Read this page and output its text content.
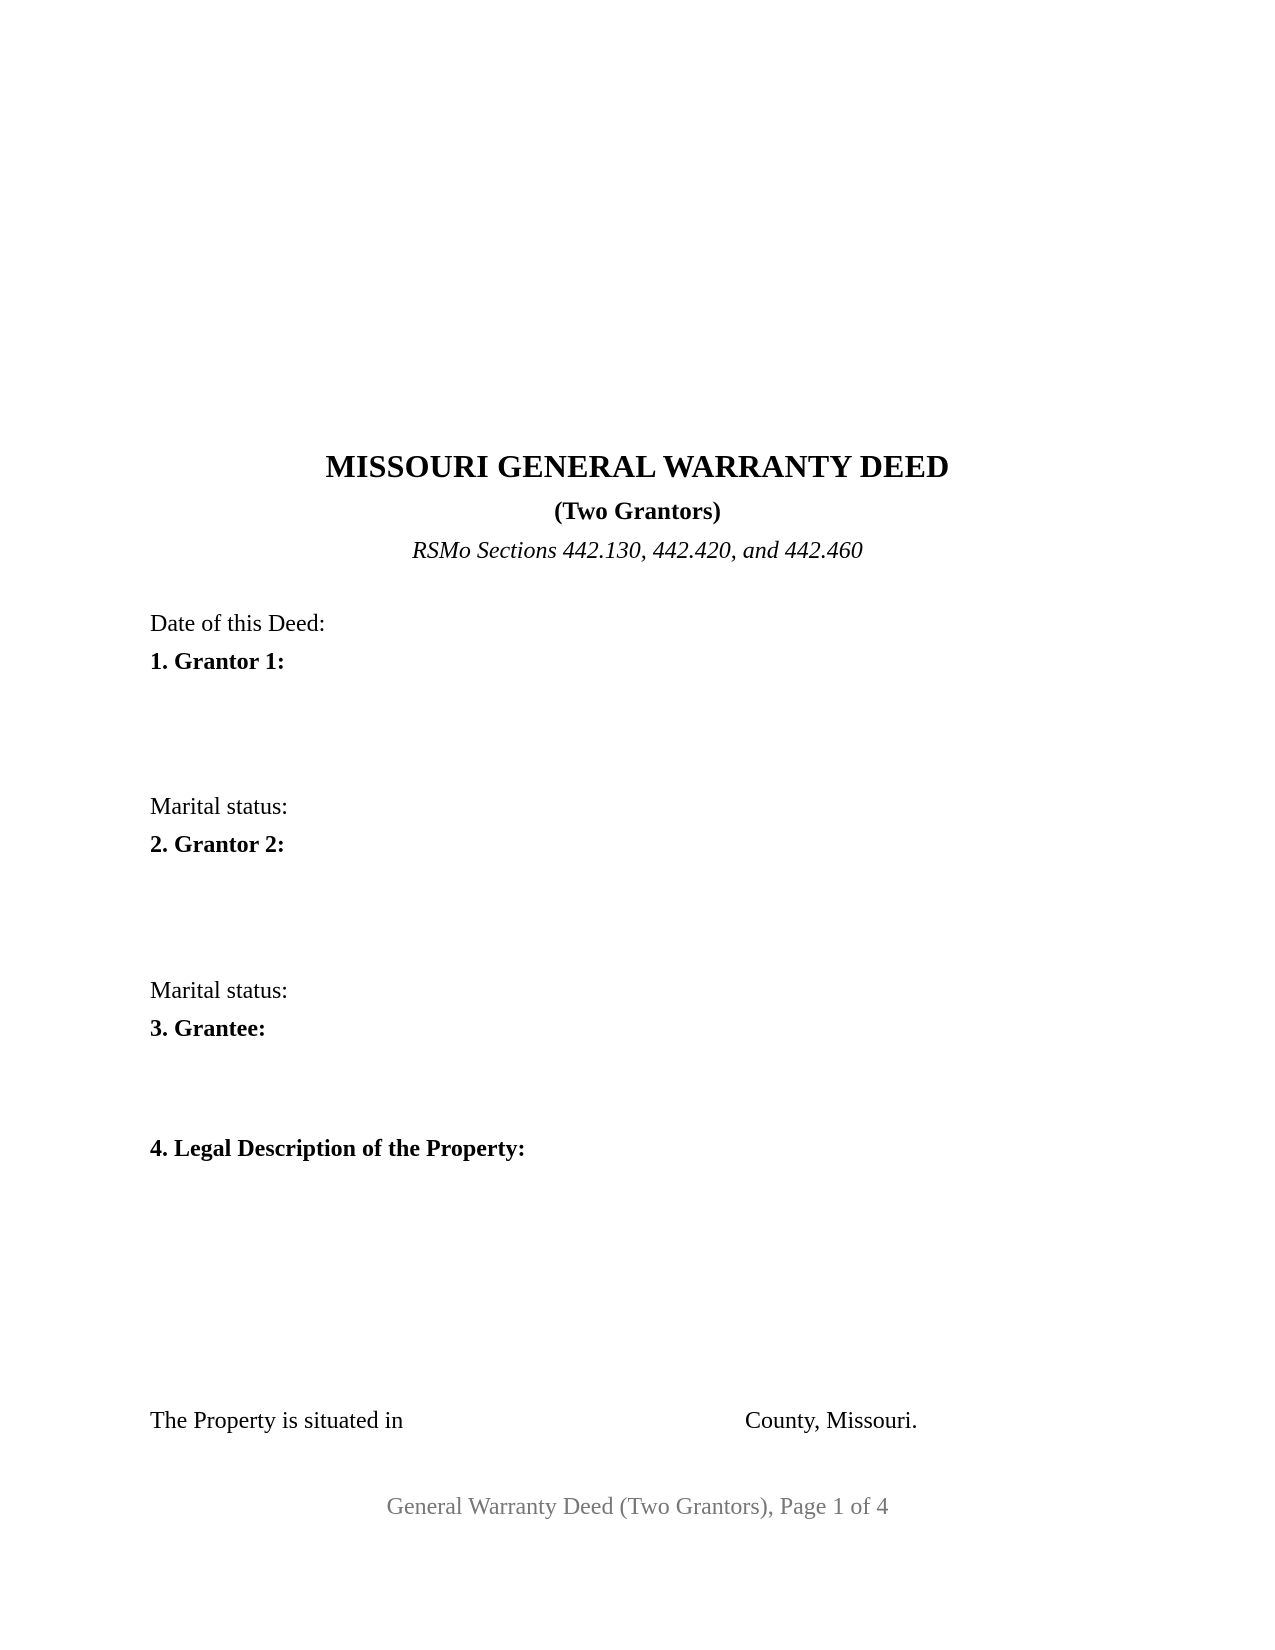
MISSOURI GENERAL WARRANTY DEED
(Two Grantors)
RSMo Sections 442.130, 442.420, and 442.460
Date of this Deed:
1. Grantor 1:
Marital status:
2. Grantor 2:
Marital status:
3. Grantee:
4. Legal Description of the Property:
The Property is situated in	County, Missouri.
General Warranty Deed (Two Grantors), Page 1 of 4
